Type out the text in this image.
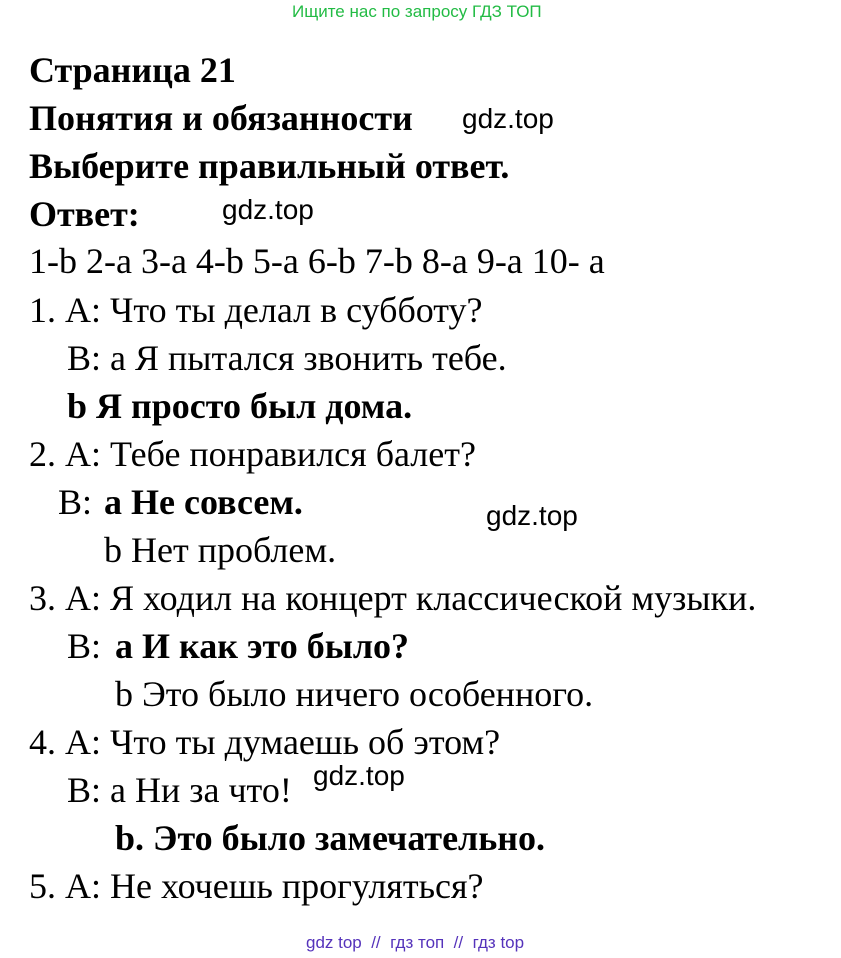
Ищите нас по запросу ГДЗ ТОП
Страница 21
Понятия и обязанности gdz.top
Выберите правильный ответ.
Ответ:	gdz.top
1-b 2-a 3-a 4-b 5-a 6-b 7-b 8-a 9-a 10- a
1. А: Что ты делал в субботу?
В: а Я пытался звонить тебе.
b Я просто был дома.
2. А: Тебе понравился балет?
В: а Не совсем.	gdz.top
b Нет проблем.
3. А: Я ходил на концерт классической музыки.
В: а И как это было?
b Это было ничего особенного.
4. А: Что ты думаешь об этом?
В: а Ни за что! gdz.top
b. Это было замечательно.
5. А: Не хочешь прогуляться?
gdz top  //  гдз топ  //  гдз top
